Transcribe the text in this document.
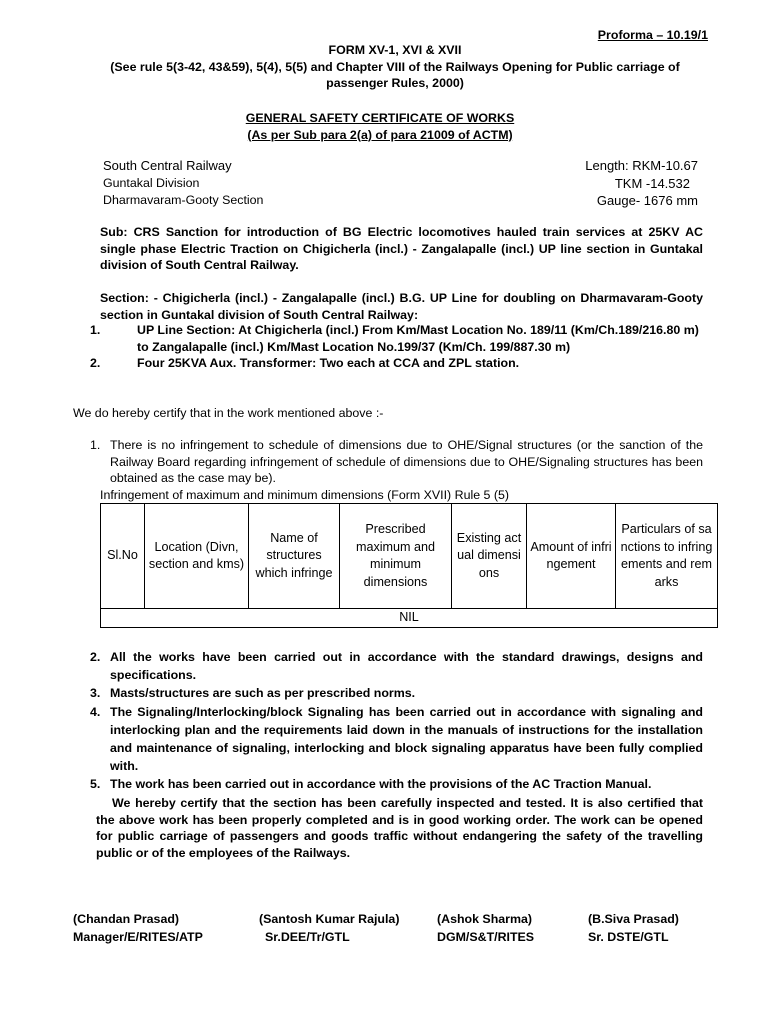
Proforma – 10.19/1
FORM XV-1, XVI & XVII
(See rule 5(3-42, 43&59), 5(4), 5(5) and Chapter VIII of the Railways Opening for Public carriage of passenger Rules, 2000)
GENERAL SAFETY CERTIFICATE OF WORKS
(As per Sub para 2(a) of para 21009 of ACTM)
South Central Railway
Guntakal Division
Dharmavaram-Gooty Section
Length: RKM-10.67
TKM -14.532
Gauge- 1676 mm
Sub: CRS Sanction for introduction of BG Electric locomotives hauled train services at 25KV AC single phase Electric Traction on Chigicherla (incl.) - Zangalapalle (incl.) UP line section in Guntakal division of South Central Railway.
Section: - Chigicherla (incl.) - Zangalapalle (incl.) B.G. UP Line for doubling on Dharmavaram-Gooty section in Guntakal division of South Central Railway:
1.	UP Line Section: At Chigicherla (incl.) From Km/Mast Location No. 189/11 (Km/Ch.189/216.80 m)
to Zangalapalle (incl.) Km/Mast Location No.199/37 (Km/Ch. 199/887.30 m)
2.	Four 25KVA Aux. Transformer: Two each at CCA and ZPL station.
We do hereby certify that in the work mentioned above :-
1. There is no infringement to schedule of dimensions due to OHE/Signal structures (or the sanction of the Railway Board regarding infringement of schedule of dimensions due to OHE/Signaling structures has been obtained as the case may be).
Infringement of maximum and minimum dimensions (Form XVII) Rule 5 (5)
Sl.No	Location (Divn, section and kms)	Name of structures which infringe	Prescribed maximum and minimum dimensions	Existing actual dimensions	Amount of infringement	Particulars of sanctions to infringements and remarks
NIL
2. All the works have been carried out in accordance with the standard drawings, designs and specifications.
3. Masts/structures are such as per prescribed norms.
4. The Signaling/Interlocking/block Signaling has been carried out in accordance with signaling and interlocking plan and the requirements laid down in the manuals of instructions for the installation and maintenance of signaling, interlocking and block signaling apparatus have been fully complied with.
5. The work has been carried out in accordance with the provisions of the AC Traction Manual.
We hereby certify that the section has been carefully inspected and tested. It is also certified that the above work has been properly completed and is in good working order. The work can be opened for public carriage of passengers and goods traffic without endangering the safety of the travelling public or of the employees of the Railways.
(Chandan Prasad)
Manager/E/RITES/ATP
(Santosh Kumar Rajula)
Sr.DEE/Tr/GTL
(Ashok Sharma)
DGM/S&T/RITES
(B.Siva Prasad)
Sr. DSTE/GTL
